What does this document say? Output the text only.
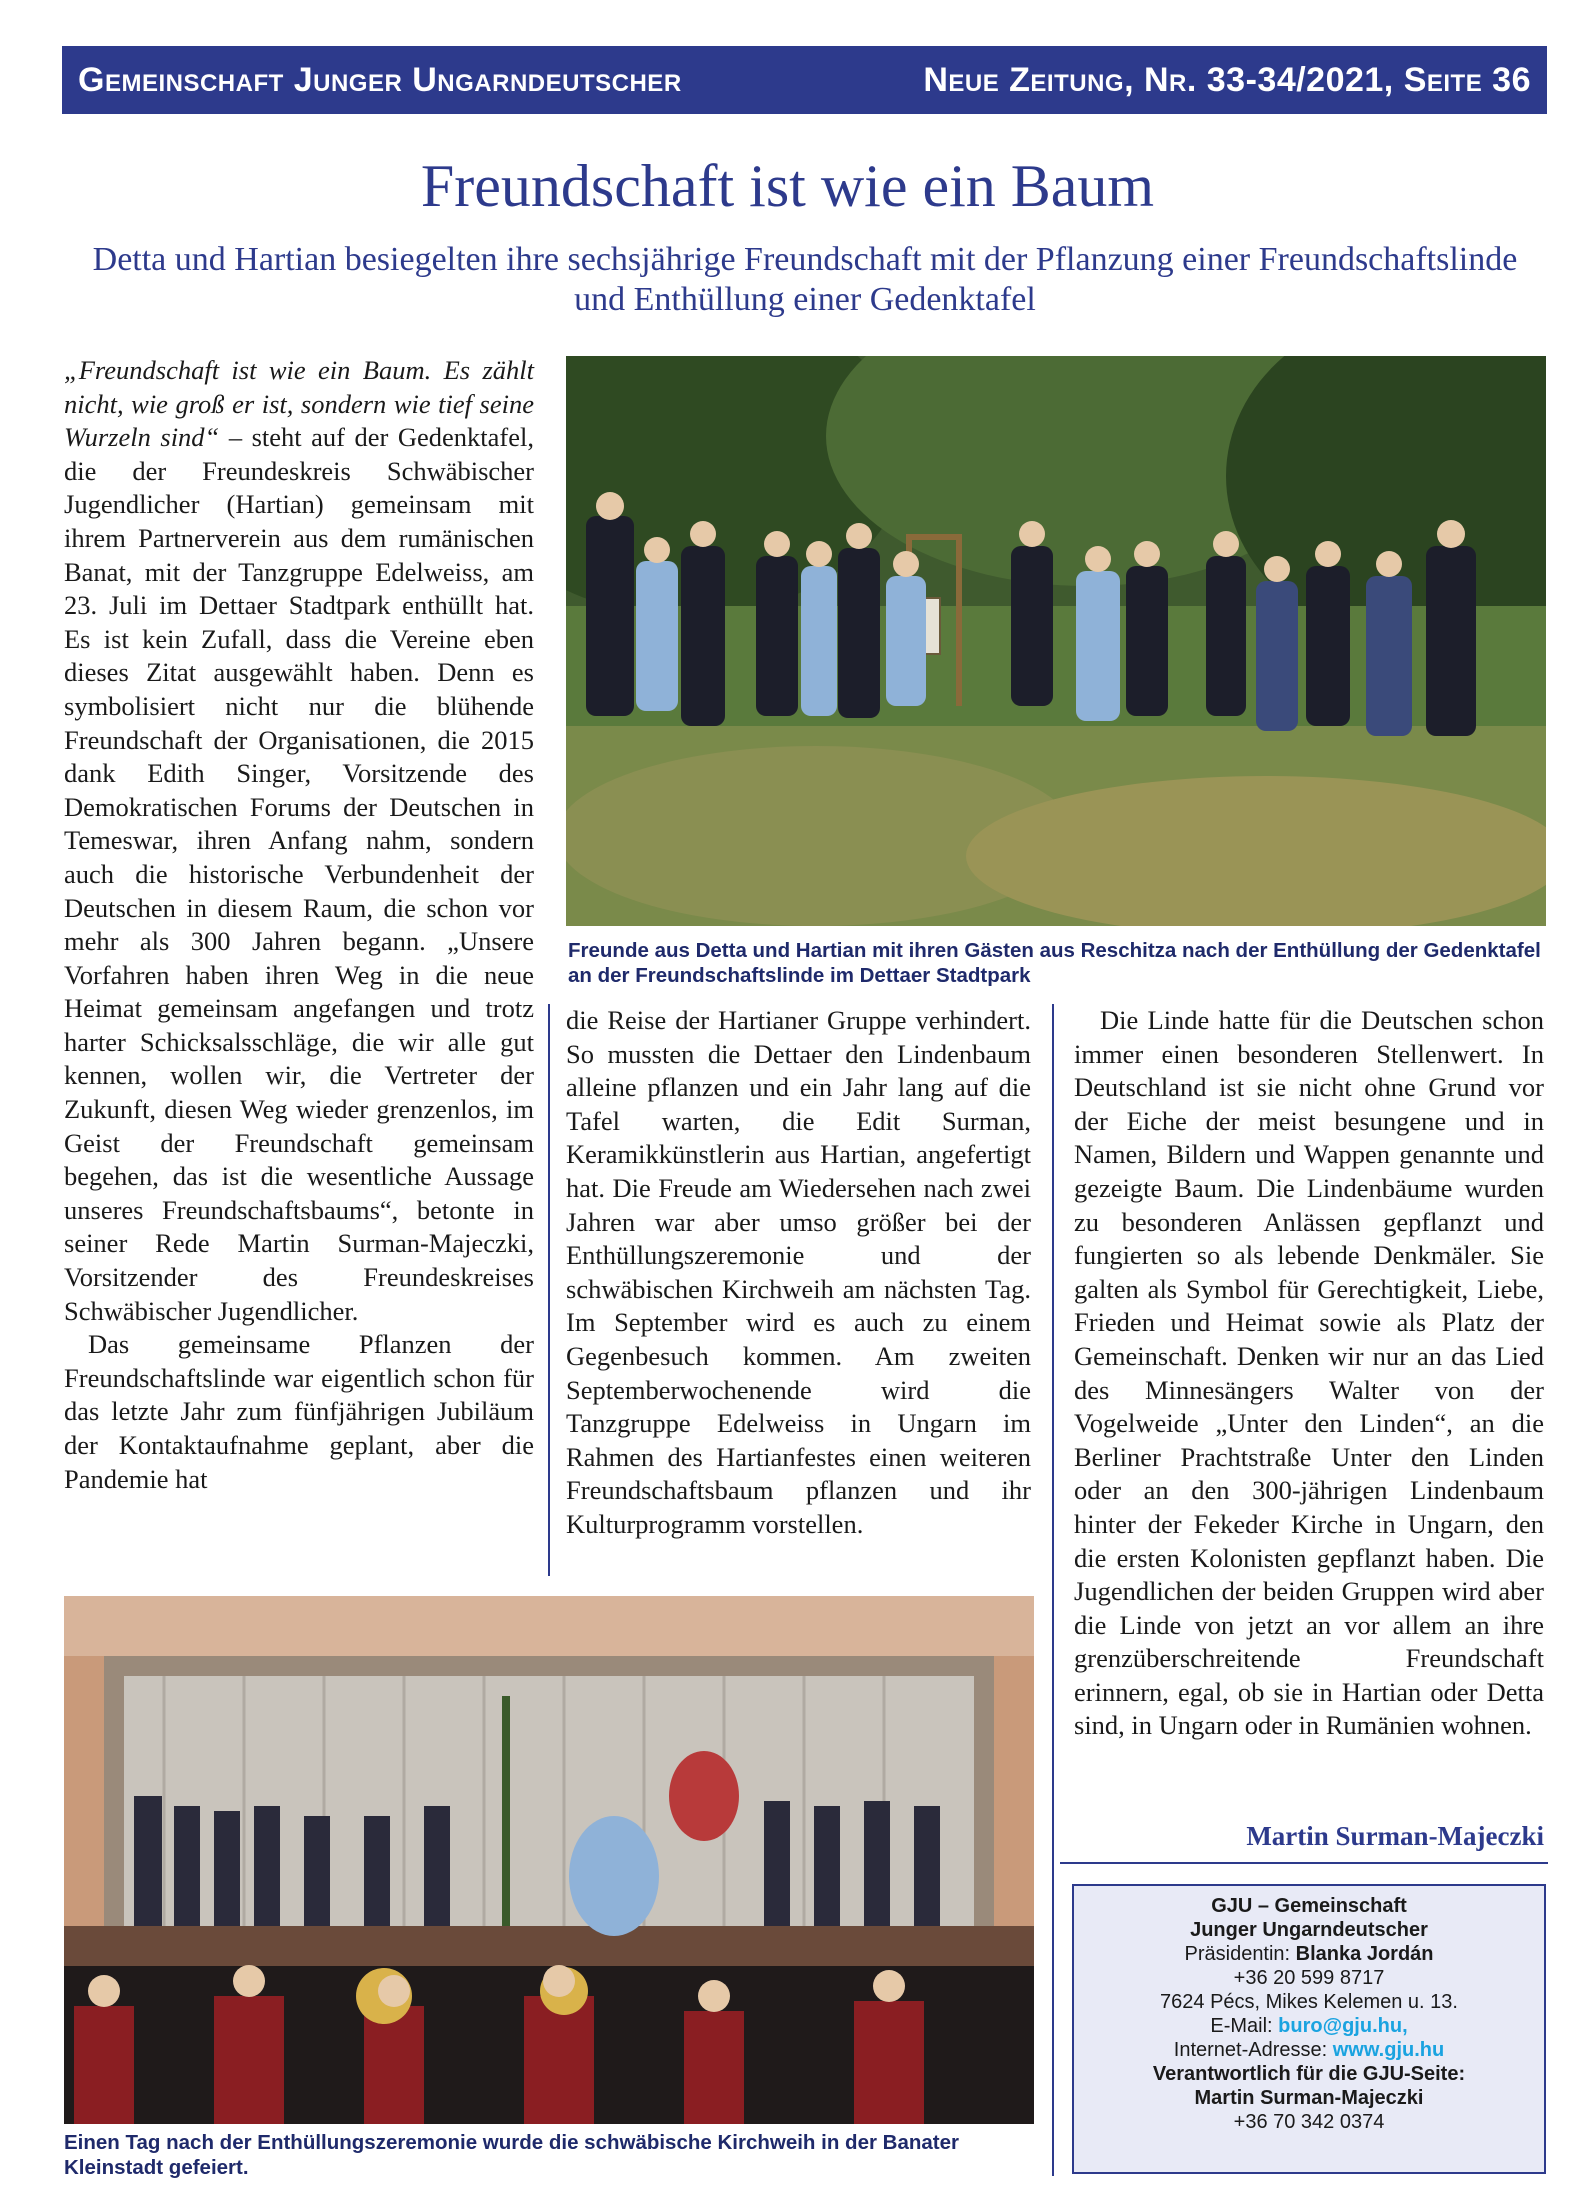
Gemeinschaft Junger Ungarndeutscher	Neue Zeitung, Nr. 33-34/2021, Seite 36
Freundschaft ist wie ein Baum

Detta und Hartian besiegelten ihre sechsjährige Freundschaft mit der Pflanzung einer Freundschaftslinde und Enthüllung einer Gedenktafel

„Freundschaft ist wie ein Baum. Es zählt nicht, wie groß er ist, sondern wie tief seine Wurzeln sind“ – steht auf der Gedenktafel, die der Freundeskreis Schwäbischer Jugendlicher (Hartian) gemeinsam mit ihrem Partnerverein aus dem rumänischen Banat, mit der Tanzgruppe Edelweiss, am 23. Juli im Dettaer Stadtpark enthüllt hat. Es ist kein Zufall, dass die Vereine eben dieses Zitat ausgewählt haben. Denn es symbolisiert nicht nur die blühende Freundschaft der Organisationen, die 2015 dank Edith Singer, Vorsitzende des Demokratischen Forums der Deutschen in Temeswar, ihren Anfang nahm, sondern auch die historische Verbundenheit der Deutschen in diesem Raum, die schon vor mehr als 300 Jahren begann. „Unsere Vorfahren haben ihren Weg in die neue Heimat gemeinsam angefangen und trotz harter Schicksalsschläge, die wir alle gut kennen, wollen wir, die Vertreter der Zukunft, diesen Weg wieder grenzenlos, im Geist der Freundschaft gemeinsam begehen, das ist die wesentliche Aussage unseres Freundschaftsbaums“, betonte in seiner Rede Martin Surman-Majeczki, Vorsitzender des Freundeskreises Schwäbischer Jugendlicher.

Das gemeinsame Pflanzen der Freundschaftslinde war eigentlich schon für das letzte Jahr zum fünfjährigen Jubiläum der Kontaktaufnahme geplant, aber die Pandemie hat

Freunde aus Detta und Hartian mit ihren Gästen aus Reschitza nach der Enthüllung der Gedenktafel an der Freundschaftslinde im Dettaer Stadtpark

die Reise der Hartianer Gruppe verhindert. So mussten die Dettaer den Lindenbaum alleine pflanzen und ein Jahr lang auf die Tafel warten, die Edit Surman, Keramikkünstlerin aus Hartian, angefertigt hat. Die Freude am Wiedersehen nach zwei Jahren war aber umso größer bei der Enthüllungszeremonie und der schwäbischen Kirchweih am nächsten Tag. Im September wird es auch zu einem Gegenbesuch kommen. Am zweiten Septemberwochenende wird die Tanzgruppe Edelweiss in Ungarn im Rahmen des Hartianfestes einen weiteren Freundschaftsbaum pflanzen und ihr Kulturprogramm vorstellen.

Die Linde hatte für die Deutschen schon immer einen besonderen Stellenwert. In Deutschland ist sie nicht ohne Grund vor der Eiche der meist besungene und in Namen, Bildern und Wappen genannte und gezeigte Baum. Die Lindenbäume wurden zu besonderen Anlässen gepflanzt und fungierten so als lebende Denkmäler. Sie galten als Symbol für Gerechtigkeit, Liebe, Frieden und Heimat sowie als Platz der Gemeinschaft. Denken wir nur an das Lied des Minnesängers Walter von der Vogelweide „Unter den Linden“, an die Berliner Prachtstraße Unter den Linden oder an den 300-jährigen Lindenbaum hinter der Fekeder Kirche in Ungarn, den die ersten Kolonisten gepflanzt haben. Die Jugendlichen der beiden Gruppen wird aber die Linde von jetzt an vor allem an ihre grenzüberschreitende Freundschaft erinnern, egal, ob sie in Hartian oder Detta sind, in Ungarn oder in Rumänien wohnen.

Martin Surman-Majeczki

Einen Tag nach der Enthüllungszeremonie wurde die schwäbische Kirchweih in der Banater Kleinstadt gefeiert.

GJU – Gemeinschaft
Junger Ungarndeutscher
Präsidentin: Blanka Jordán
+36 20 599 8717
7624 Pécs, Mikes Kelemen u. 13.
E-Mail: buro@gju.hu,
Internet-Adresse: www.gju.hu
Verantwortlich für die GJU-Seite:
Martin Surman-Majeczki
+36 70 342 0374
